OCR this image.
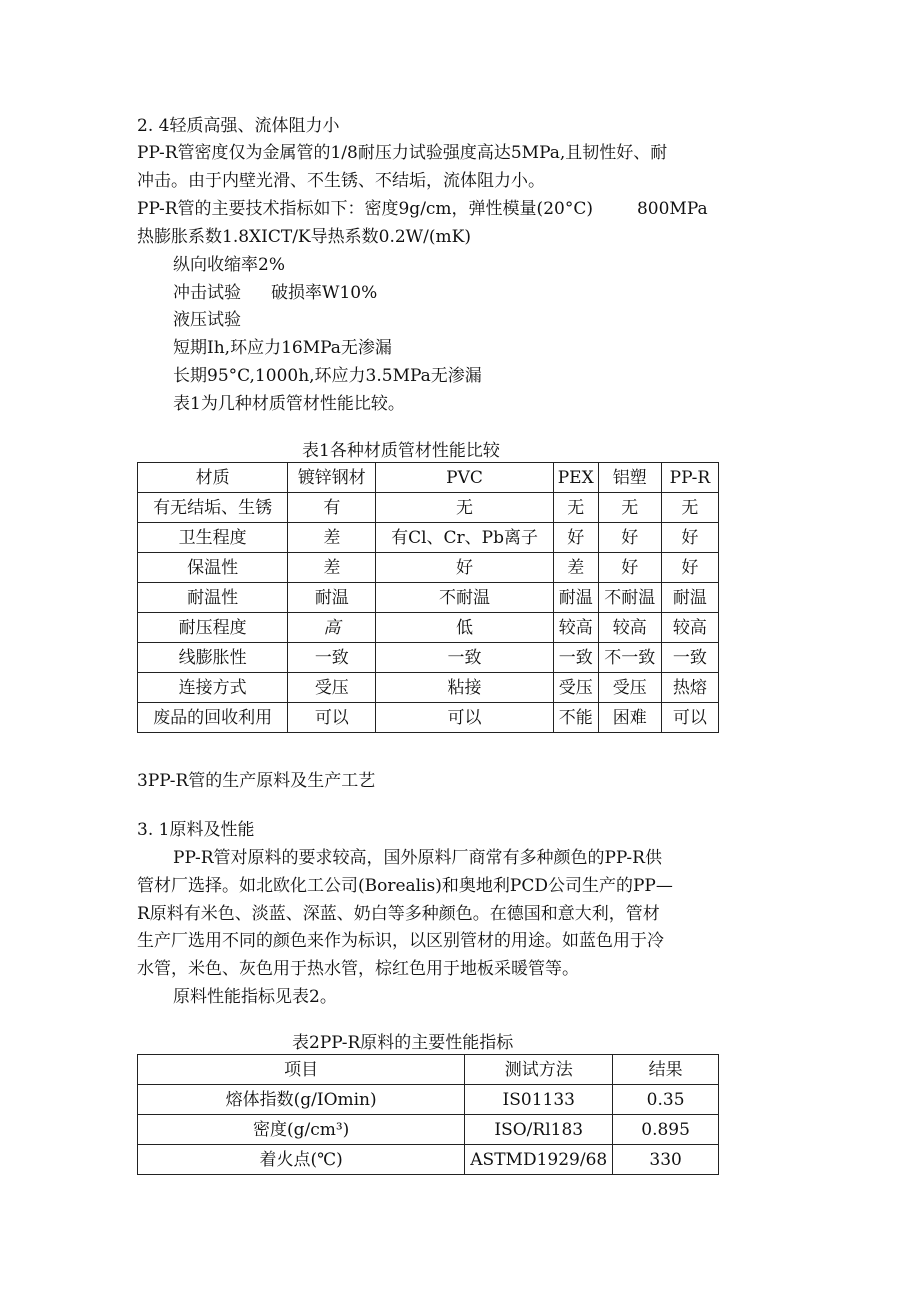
2. 4轻质高强、流体阻力小
PP-R管密度仅为金属管的1/8耐压力试验强度高达5MPa,且韧性好、耐
冲击。由于内壁光滑、不生锈、不结垢，流体阻力小。
PP-R管的主要技术指标如下：密度9g/cm，弹性模量(20°C)	800MPa
热膨胀系数1.8XICT/K导热系数0.2W/(mK)
纵向收缩率2%
冲击试验 破损率W10%
液压试验
短期Ih,环应力16MPa无渗漏
长期95°C,1000h,环应力3.5MPa无渗漏
表1为几种材质管材性能比较。
表1各种材质管材性能比较
材质	镀锌钢材	PVC	PEX	铝塑	PP-R
有无结垢、生锈	有	无	无	无	无
卫生程度	差	有Cl、Cr、Pb离子	好	好	好
保温性	差	好	差	好	好
耐温性	耐温	不耐温	耐温	不耐温	耐温
耐压程度	高	低	较高	较高	较高
线膨胀性	一致	一致	一致	不一致	一致
连接方式	受压	粘接	受压	受压	热熔
废品的回收利用	可以	可以	不能	困难	可以
3PP-R管的生产原料及生产工艺
3. 1原料及性能
PP-R管对原料的要求较高，国外原料厂商常有多种颜色的PP-R供
管材厂选择。如北欧化工公司(Borealis)和奥地利PCD公司生产的PP—
R原料有米色、淡蓝、深蓝、奶白等多种颜色。在德国和意大利，管材
生产厂选用不同的颜色来作为标识，以区别管材的用途。如蓝色用于冷
水管，米色、灰色用于热水管，棕红色用于地板采暖管等。
原料性能指标见表2。
表2PP-R原料的主要性能指标
项目	测试方法	结果
熔体指数(g/IOmin)	IS01133	0.35
密度(g/cm³)	ISO/Rl183	0.895
着火点(℃)	ASTMD1929/68	330
